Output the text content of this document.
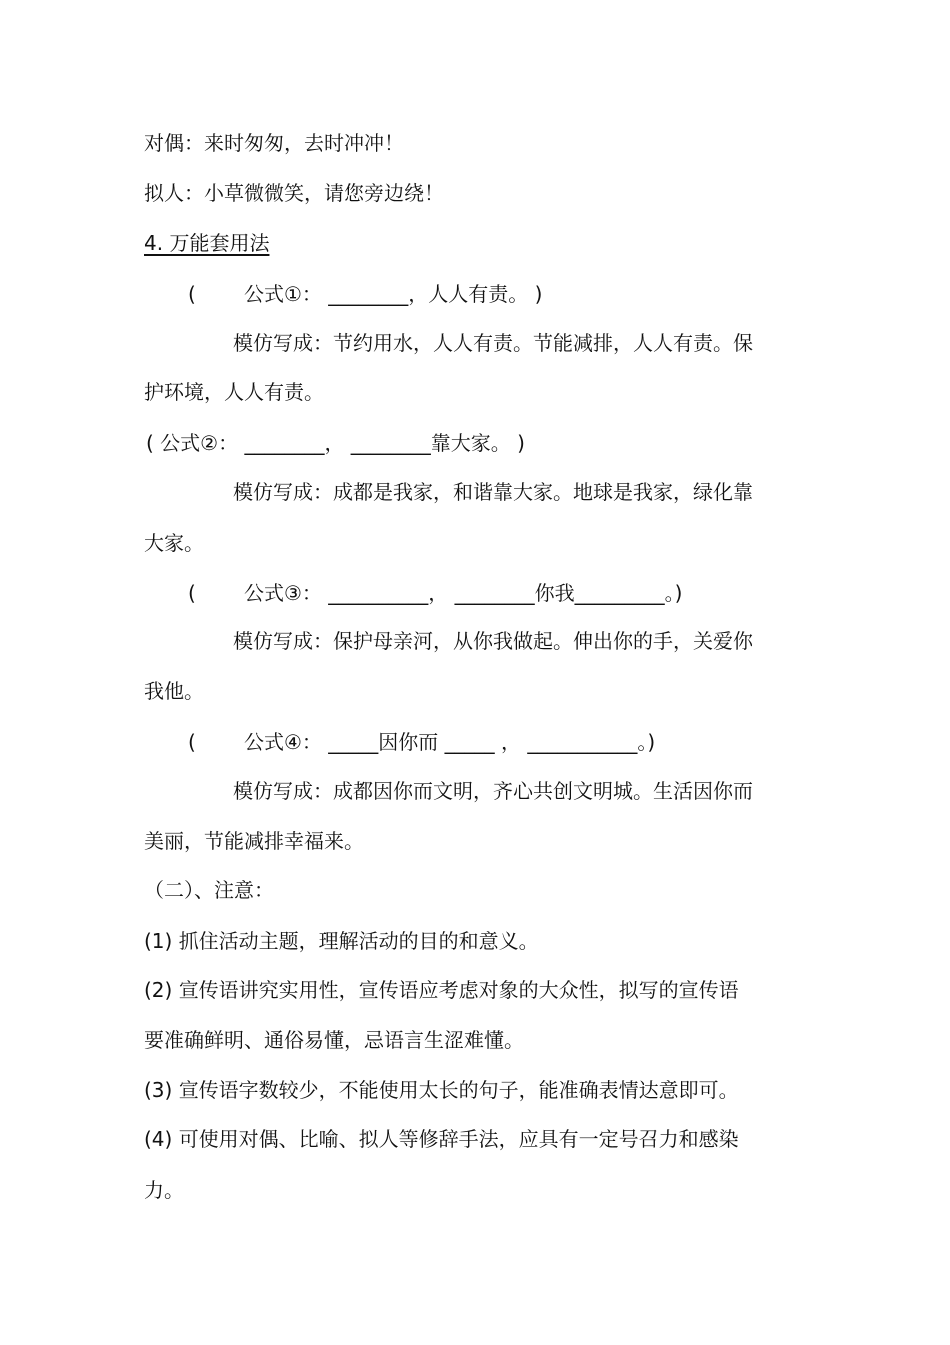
对偶：来时匆匆，去时冲冲！
拟人：小草微微笑，请您旁边绕！
4. 万能套用法
( 公式①： ________，人人有责。 )
模仿写成：节约用水，人人有责。节能减排，人人有责。保
护环境，人人有责。
( 公式②： ________， ________靠大家。 )
模仿写成：成都是我家，和谐靠大家。地球是我家，绿化靠
大家。
( 公式③： __________， ________你我_________。)
模仿写成：保护母亲河，从你我做起。伸出你的手，关爱你
我他。
( 公式④： _____因你而 _____ ， ___________。)
模仿写成：成都因你而文明，齐心共创文明城。生活因你而
美丽，节能减排幸福来。
（二）、注意：
(1) 抓住活动主题，理解活动的目的和意义。
(2) 宣传语讲究实用性，宣传语应考虑对象的大众性，拟写的宣传语
要准确鲜明、通俗易懂，忌语言生涩难懂。
(3) 宣传语字数较少，不能使用太长的句子，能准确表情达意即可。
(4) 可使用对偶、比喻、拟人等修辞手法，应具有一定号召力和感染
力。
